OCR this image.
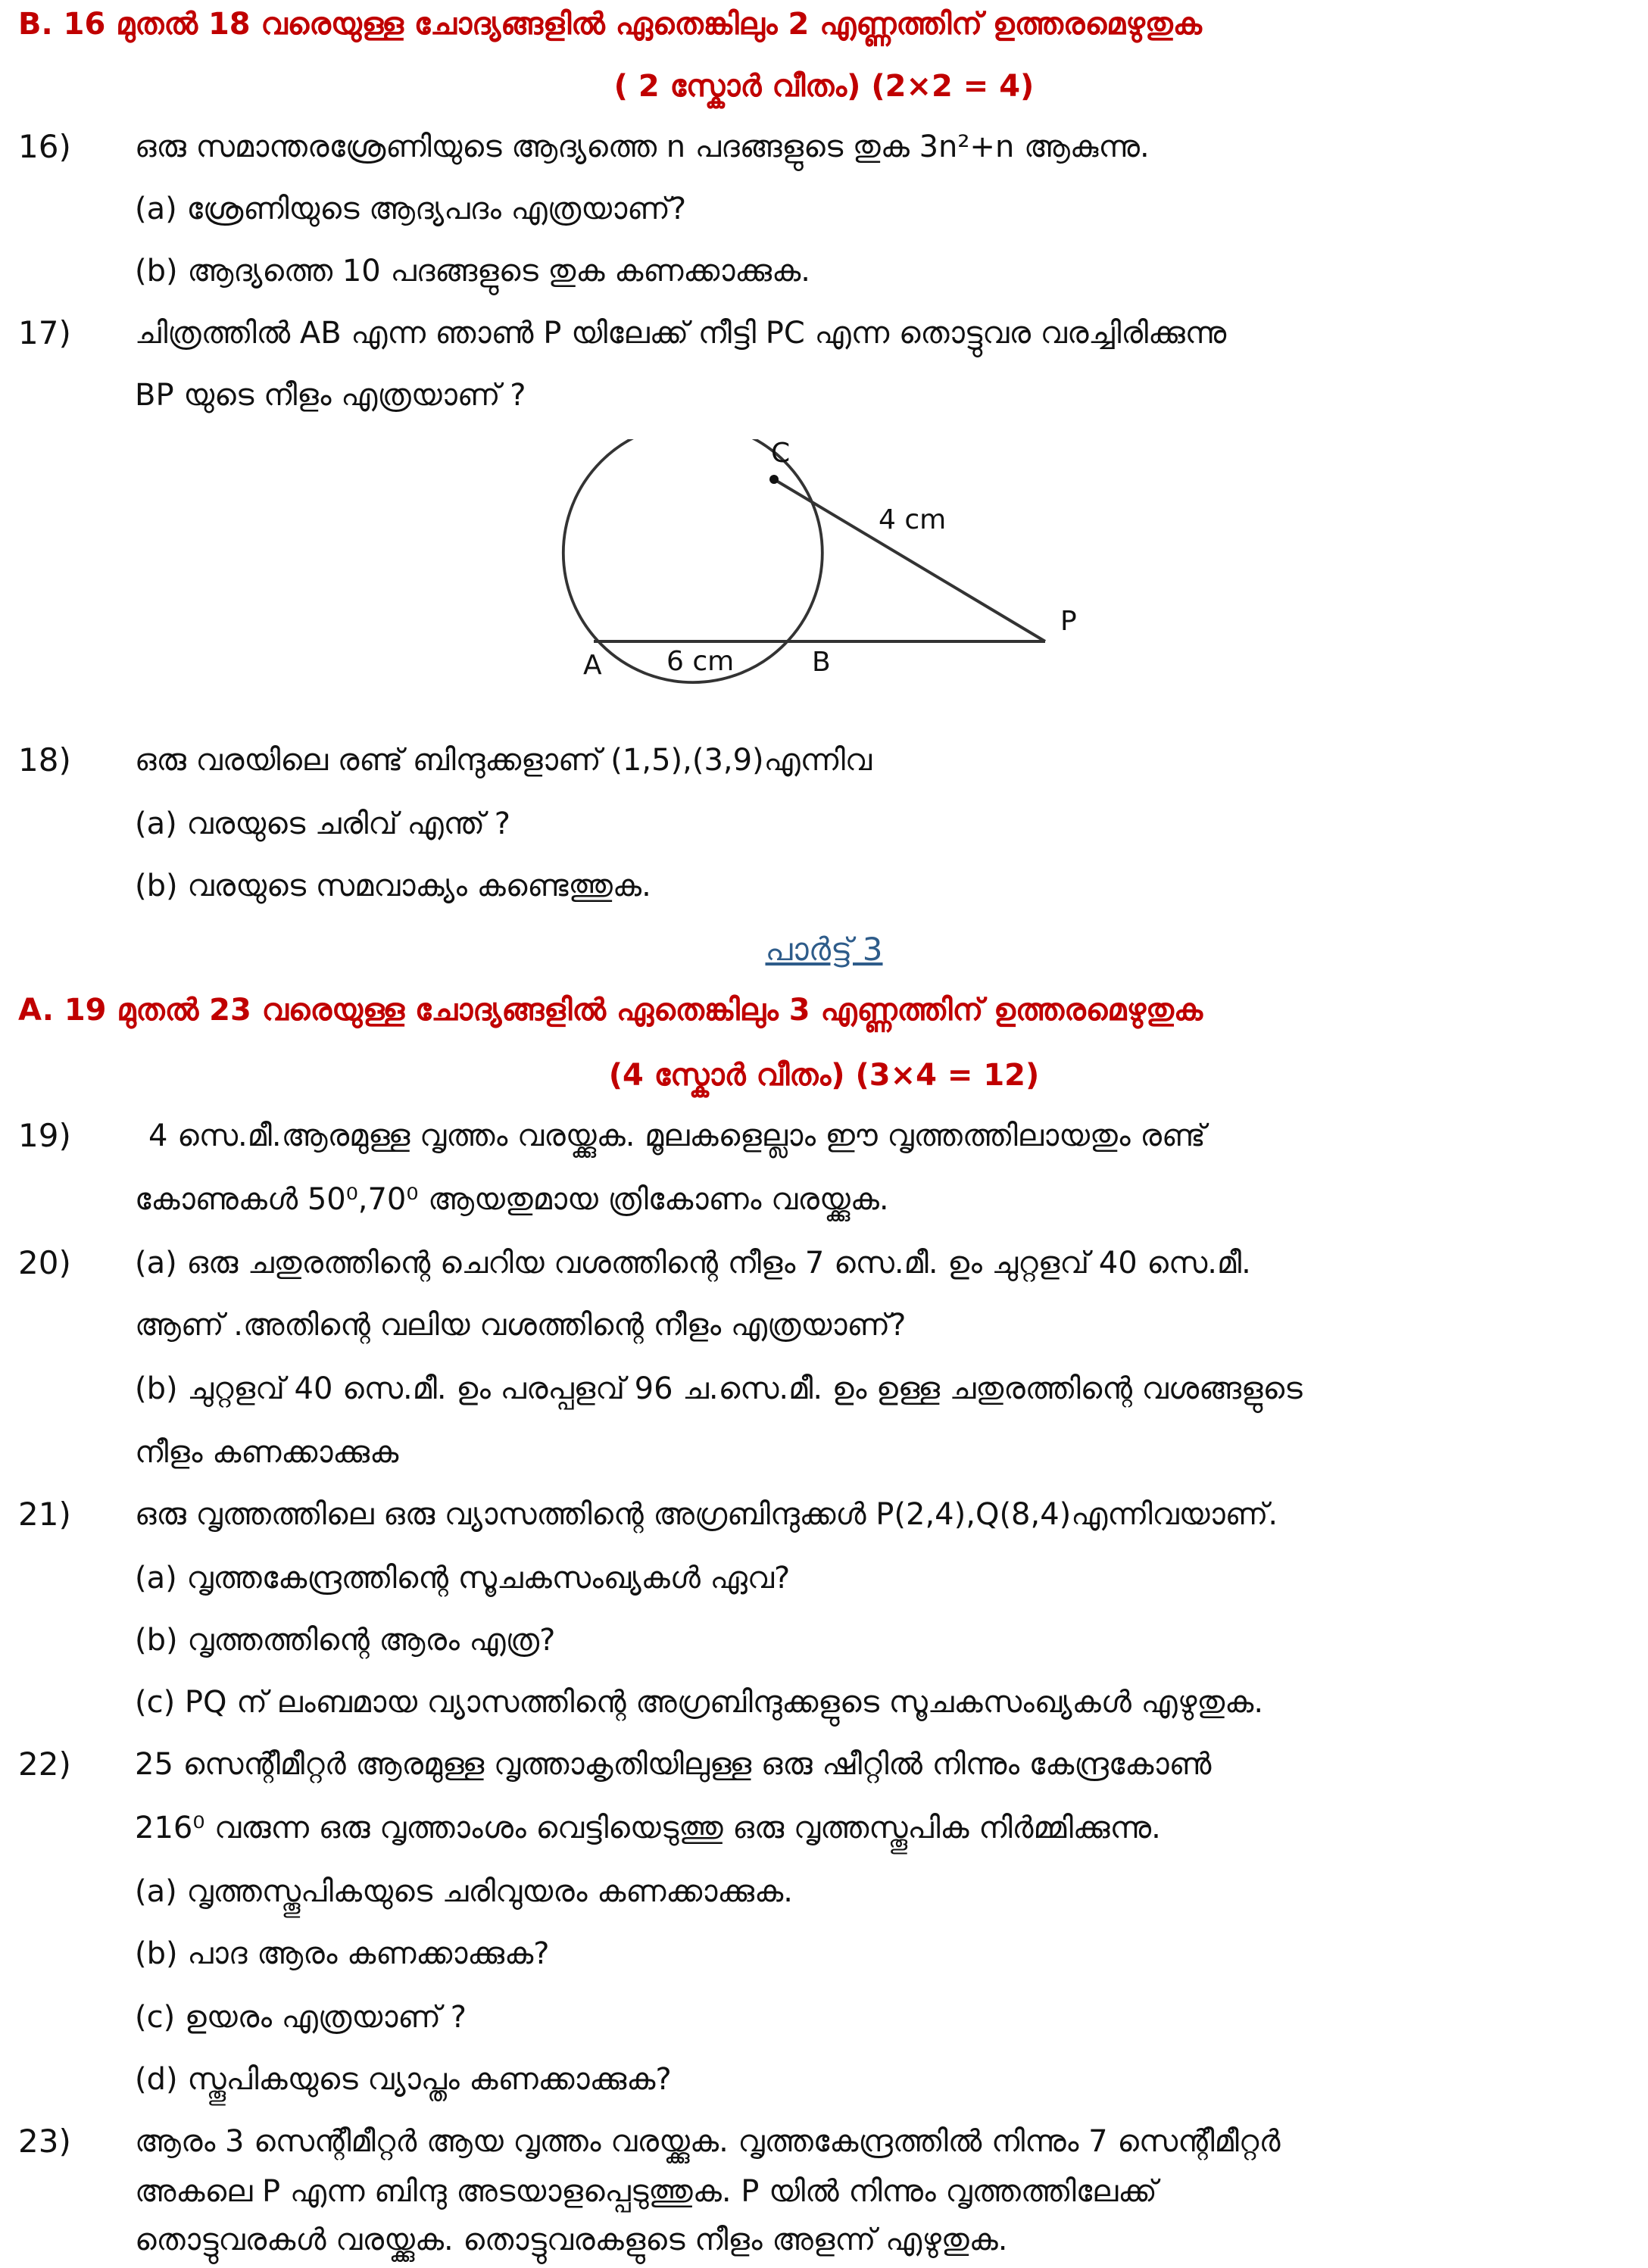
B. 16 മുതൽ 18 വരെയുള്ള ചോദ്യങ്ങളിൽ ഏതെങ്കിലും 2 എണ്ണത്തിന് ഉത്തരമെഴുതുക
( 2 സ്കോർ വീതം) (2×2 = 4)
16) ഒരു സമാന്തരശ്രേണിയുടെ ആദ്യത്തെ n പദങ്ങളുടെ തുക 3n²+n ആകുന്നു.
(a) ശ്രേണിയുടെ ആദ്യപദം എത്രയാണ്?
(b) ആദ്യത്തെ 10 പദങ്ങളുടെ തുക കണക്കാക്കുക.
17) ചിത്രത്തിൽ AB എന്ന ഞാൺ P യിലേക്ക് നീട്ടി PC എന്ന തൊട്ടുവര വരച്ചിരിക്കുന്നു
BP യുടെ നീളം എത്രയാണ് ?
C
4 cm
P
A 6 cm	B
18) ഒരു വരയിലെ രണ്ട് ബിന്ദുക്കളാണ് (1,5),(3,9)എന്നിവ
(a) വരയുടെ ചരിവ് എന്ത് ?
(b) വരയുടെ സമവാക്യം കണ്ടെത്തുക.
പാർട്ട് 3
A. 19 മുതൽ 23 വരെയുള്ള ചോദ്യങ്ങളിൽ ഏതെങ്കിലും 3 എണ്ണത്തിന് ഉത്തരമെഴുതുക
(4 സ്കോർ വീതം) (3×4 = 12)
19)	4 സെ.മീ.ആരമുള്ള വൃത്തം വരയ്ക്കുക. മൂലകളെല്ലാം ഈ വൃത്തത്തിലായതും രണ്ട്
കോണുകൾ 50⁰,70⁰ ആയതുമായ ത്രികോണം വരയ്ക്കുക.
20) (a) ഒരു ചതുരത്തിന്റെ ചെറിയ വശത്തിന്റെ നീളം 7 സെ.മീ. ഉം ചുറ്റളവ് 40 സെ.മീ.
ആണ് .അതിന്റെ വലിയ വശത്തിന്റെ നീളം എത്രയാണ്?
(b) ചുറ്റളവ് 40 സെ.മീ. ഉം പരപ്പളവ് 96 ച.സെ.മീ. ഉം ഉള്ള ചതുരത്തിന്റെ വശങ്ങളുടെ
നീളം കണക്കാക്കുക
21) ഒരു വൃത്തത്തിലെ ഒരു വ്യാസത്തിന്റെ അഗ്രബിന്ദുക്കൾ P(2,4),Q(8,4)എന്നിവയാണ്.
(a) വൃത്തകേന്ദ്രത്തിന്റെ സൂചകസംഖ്യകൾ ഏവ?
(b) വൃത്തത്തിന്റെ ആരം എത്ര?
(c) PQ ന് ലംബമായ വ്യാസത്തിന്റെ അഗ്രബിന്ദുക്കളുടെ സൂചകസംഖ്യകൾ എഴുതുക.
22) 25 സെന്റീമീറ്റർ ആരമുള്ള വൃത്താകൃതിയിലുള്ള ഒരു ഷീറ്റിൽ നിന്നും കേന്ദ്രകോൺ
216⁰ വരുന്ന ഒരു വൃത്താംശം വെട്ടിയെടുത്തു ഒരു വൃത്തസ്തൂപിക നിർമ്മിക്കുന്നു.
(a) വൃത്തസ്തൂപികയുടെ ചരിവുയരം കണക്കാക്കുക.
(b) പാദ ആരം കണക്കാക്കുക?
(c) ഉയരം എത്രയാണ് ?
(d) സ്തൂപികയുടെ വ്യാപ്തം കണക്കാക്കുക?
23) ആരം 3 സെന്റീമീറ്റർ ആയ വൃത്തം വരയ്ക്കുക. വൃത്തകേന്ദ്രത്തിൽ നിന്നും 7 സെന്റീമീറ്റർ
അകലെ P എന്ന ബിന്ദു അടയാളപ്പെടുത്തുക. P യിൽ നിന്നും വൃത്തത്തിലേക്ക്
തൊട്ടുവരകൾ വരയ്ക്കുക. തൊട്ടുവരകളുടെ നീളം അളന്ന് എഴുതുക.
